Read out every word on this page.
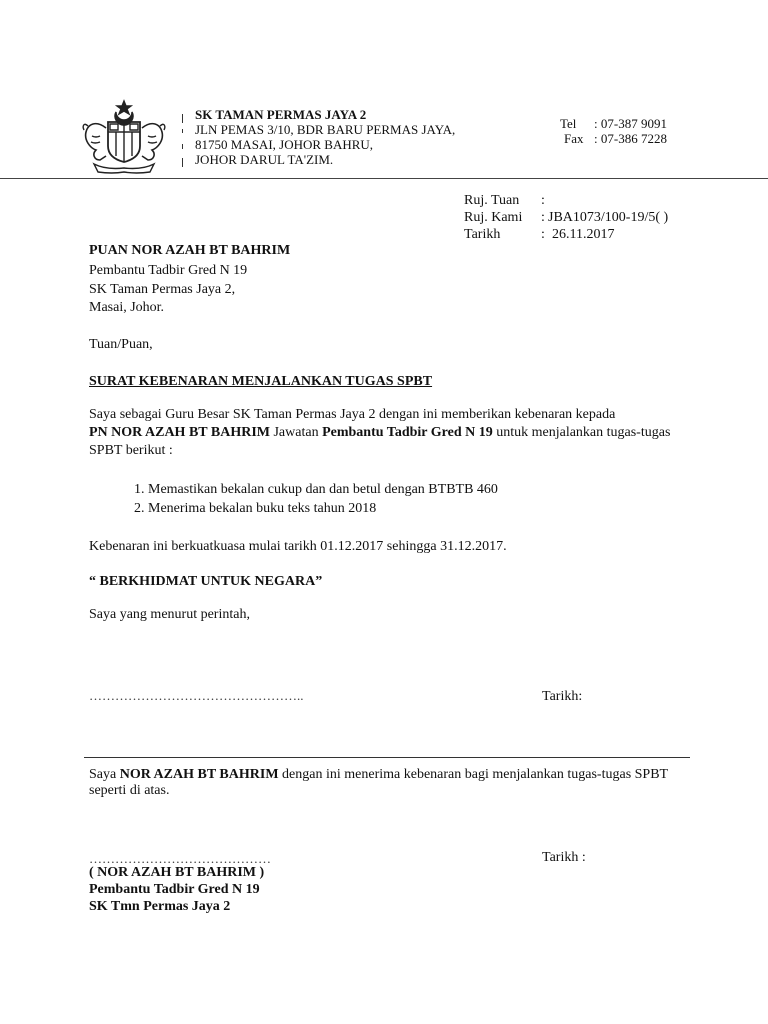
SK TAMAN PERMAS JAYA 2
JLN PEMAS 3/10, BDR BARU PERMAS JAYA,
81750 MASAI, JOHOR BAHRU,
JOHOR DARUL TA'ZIM.
Tel : 07-387 9091
Fax : 07-386 7228
Ruj. Tuan :
Ruj. Kami : JBA1073/100-19/5( )
Tarikh	: 26.11.2017
PUAN NOR AZAH BT BAHRIM
Pembantu Tadbir Gred N 19
SK Taman Permas Jaya 2,
Masai, Johor.
Tuan/Puan,
SURAT KEBENARAN MENJALANKAN TUGAS SPBT
Saya sebagai Guru Besar SK Taman Permas Jaya 2 dengan ini memberikan kebenaran kepada
PN NOR AZAH BT BAHRIM Jawatan Pembantu Tadbir Gred N 19 untuk menjalankan tugas-tugas
SPBT berikut :
1. Memastikan bekalan cukup dan dan betul dengan BTBTB 460
2. Menerima bekalan buku teks tahun 2018
Kebenaran ini berkuatkuasa mulai tarikh 01.12.2017 sehingga 31.12.2017.
“ BERKHIDMAT UNTUK NEGARA”
Saya yang menurut perintah,
…………………………………………..	Tarikh:
Saya NOR AZAH BT BAHRIM dengan ini menerima kebenaran bagi menjalankan tugas-tugas SPBT
seperti di atas.
……………………………………	Tarikh :
( NOR AZAH BT BAHRIM )
Pembantu Tadbir Gred N 19
SK Tmn Permas Jaya 2
